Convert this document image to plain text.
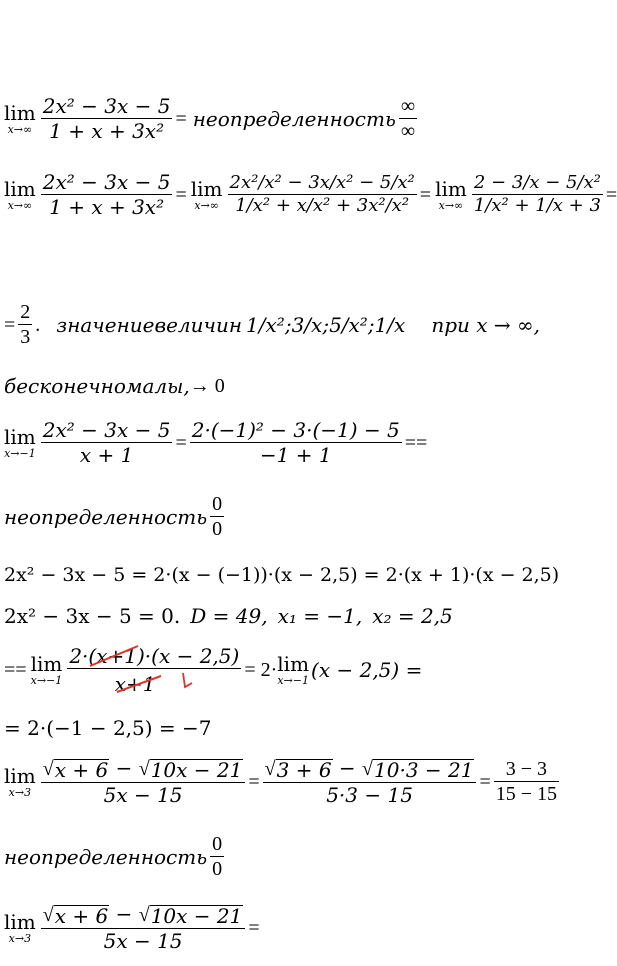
lim
$x\to\infty \frac{\text{2x² − 3x − 5}}{\text{1 + x + 3x²}}$ = неопределенность $\frac{\infty}{\infty}$
lim
$x\to\infty \frac{\text{2x² − 3x − 5}}{\text{1 + x + 3x²}} = \lim$
$x\to\infty \frac{\text{2x²/x² − 3x/x² − 5/x²}}{\text{1/x² + x/x² + 3x²/x²}} = \lim$
$x\to\infty \frac{\text{2 − 3/x − 5/x²}}{\text{1/x² + 1/x + 3}}$ =
= $\frac{2}{3}$ . значениевеличин 1/x² ; 3/x ; 5/x² ; 1/x при x → ∞,
бесконечномалы, → 0
lim
$x\to-1 \frac{\text{2x² − 3x − 5}}{x + 1} = \frac{\text{2·(−1)² − 3·(−1) − 5}}{-1 + 1}$ ==
неопределенность $\frac{0}{0}$
2x² − 3x − 5 = 2·(x − (−1))·(x − 2,5) = 2·(x + 1)·(x − 2,5)
2x² − 3x − 5 = 0. D = 49, x₁ = −1, x₂ = 2,5
== lim
x→−1 2·(x+1)
·(x − 2,5)
x+1
= 2· lim
x→−1 (x − 2,5) =
= 2·(−1 − 2,5) = −7
lim
$x\to 3 \frac{√ x + 6 - √ 10x - 21}{5x - 15} = \frac{√ 3 + 6 - √ 10\cdot 3 - 21}{5\cdot 3 - 15} = \frac{3 - 3}{15 - 15}$
неопределенность $\frac{0}{0}$
lim
$x\to 3 \frac{√ x + 6 - √ 10x - 21}{5x - 15}$ =
